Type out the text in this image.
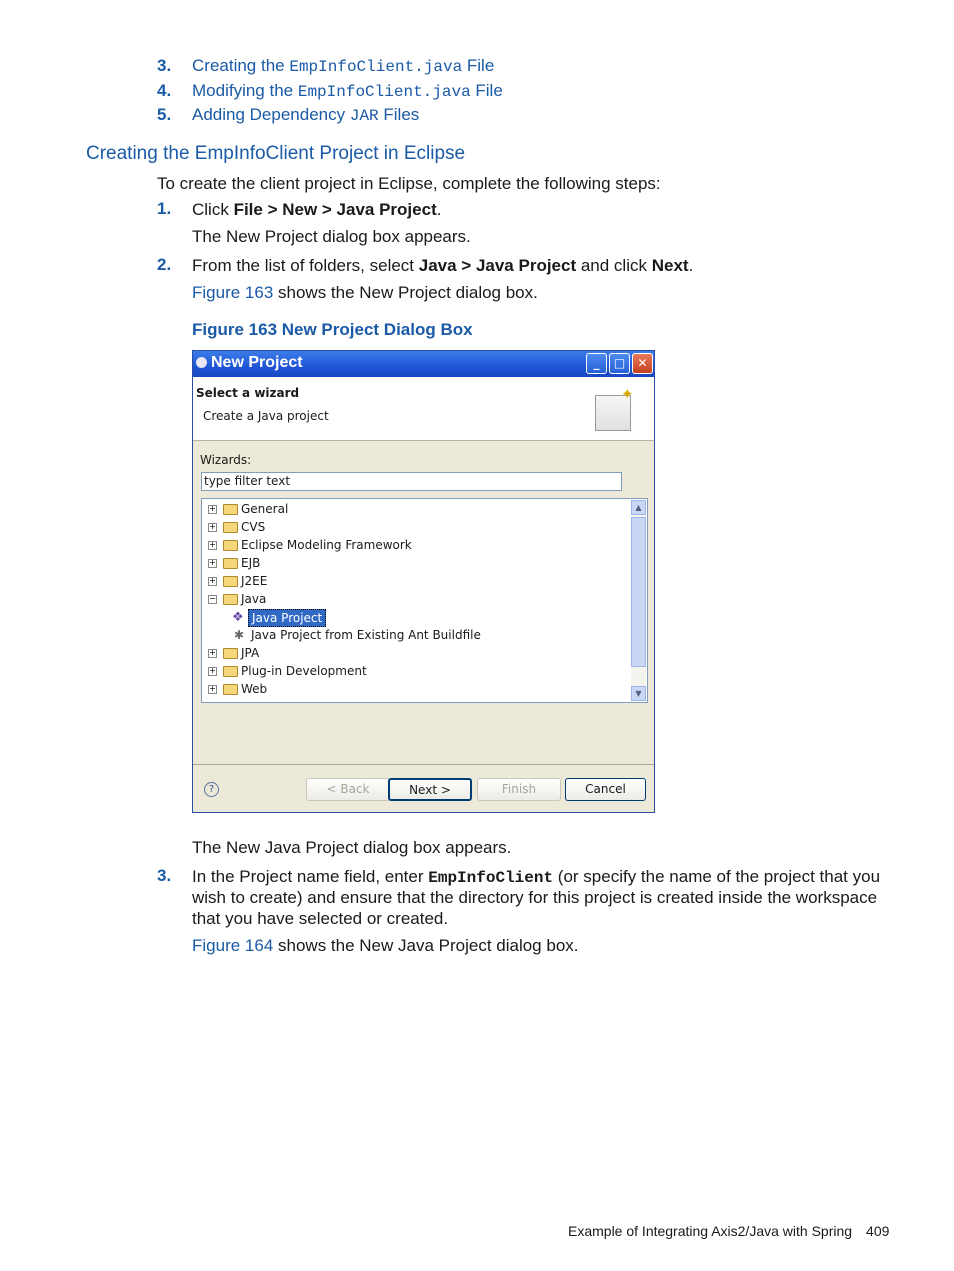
3. Creating the EmpInfoClient.java File
4. Modifying the EmpInfoClient.java File
5. Adding Dependency JAR Files
Creating the EmpInfoClient Project in Eclipse
To create the client project in Eclipse, complete the following steps:
1. Click File > New > Java Project.
The New Project dialog box appears.
2. From the list of folders, select Java > Java Project and click Next.
Figure 163 shows the New Project dialog box.
Figure 163 New Project Dialog Box
New Project	_	□	✕
Select a wizard
Create a Java project
✦
Wizards:
type filter text
+ General
+ CVS
+ Eclipse Modeling Framework
+ EJB
+ J2EE
− Java
❖ Java Project
✱ Java Project from Existing Ant Buildfile
+ JPA
+ Plug-in Development
+ Web
▲
▼
?	< Back	Next >	Finish	Cancel
The New Java Project dialog box appears.
3. In the Project name field, enter EmpInfoClient (or specify the name of the project that you
wish to create) and ensure that the directory for this project is created inside the workspace
that you have selected or created.
Figure 164 shows the New Java Project dialog box.
Example of Integrating Axis2/Java with Spring 409
